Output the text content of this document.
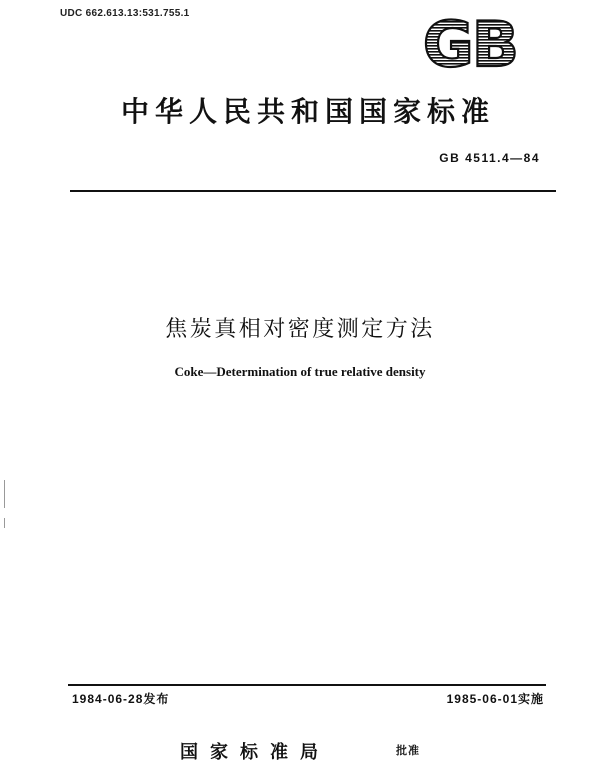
UDC 662.613.13:531.755.1	GB
中华人民共和国国家标准
GB 4511.4—84
焦炭真相对密度测定方法
Coke—Determination of true relative density
1984-06-28发布	1985-06-01实施
国家标准局	批准
